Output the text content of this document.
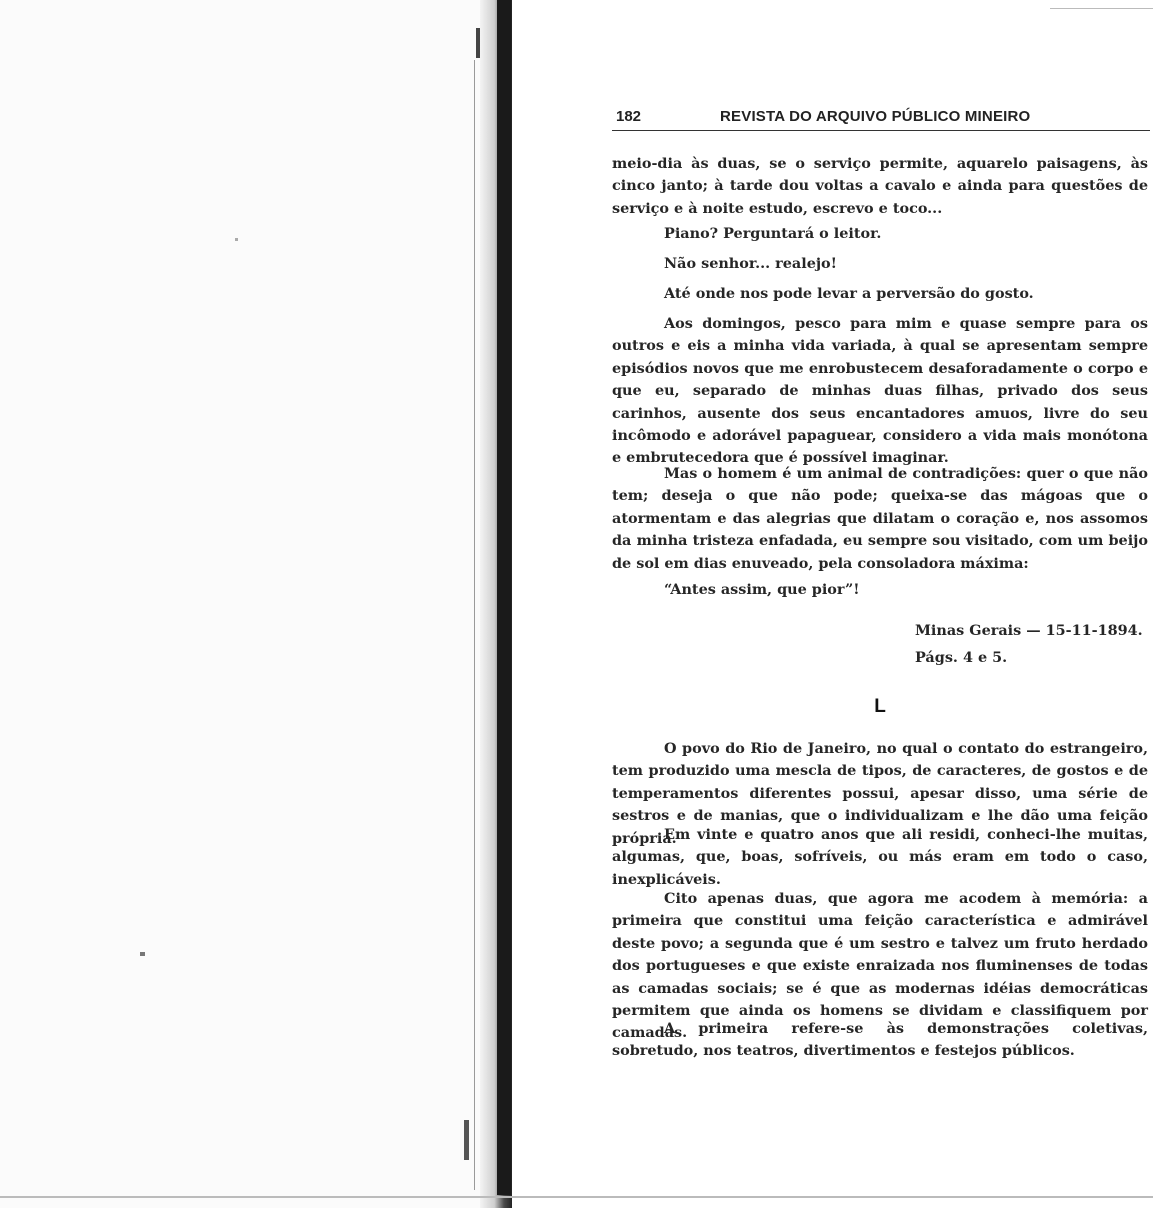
182	REVISTA DO ARQUIVO PÚBLICO MINEIRO

meio-dia às duas, se o serviço permite, aquarelo paisagens, às cinco janto; à tarde dou voltas a cavalo e ainda para questões de serviço e à noite estudo, escrevo e toco...

Piano? Perguntará o leitor.
Não senhor... realejo!
Até onde nos pode levar a perversão do gosto.

Aos domingos, pesco para mim e quase sempre para os outros e eis a minha vida variada, à qual se apresentam sempre episódios novos que me enrobustecem desaforadamente o corpo e que eu, separado de minhas duas filhas, privado dos seus carinhos, ausente dos seus encantadores amuos, livre do seu incômodo e adorável papaguear, considero a vida mais monótona e embrutecedora que é possível imaginar.

Mas o homem é um animal de contradições: quer o que não tem; deseja o que não pode; queixa-se das mágoas que o atormentam e das alegrias que dilatam o coração e, nos assomos da minha tristeza enfadada, eu sempre sou visitado, com um beijo de sol em dias enuveado, pela consoladora máxima:

“Antes assim, que pior”!
Minas Gerais — 15-11-1894.
Págs. 4 e 5.
L

O povo do Rio de Janeiro, no qual o contato do estrangeiro, tem produzido uma mescla de tipos, de caracteres, de gostos e de temperamentos diferentes possui, apesar disso, uma série de sestros e de manias, que o individualizam e lhe dão uma feição própria.

Em vinte e quatro anos que ali residi, conheci-lhe muitas, algumas, que, boas, sofríveis, ou más eram em todo o caso, inexplicáveis.

Cito apenas duas, que agora me acodem à memória: a primeira que constitui uma feição característica e admirável deste povo; a segunda que é um sestro e talvez um fruto herdado dos portugueses e que existe enraizada nos fluminenses de todas as camadas sociais; se é que as modernas idéias democráticas permitem que ainda os homens se dividam e classifiquem por camadas.

A primeira refere-se às demonstrações coletivas, sobretudo, nos teatros, divertimentos e festejos públicos.
